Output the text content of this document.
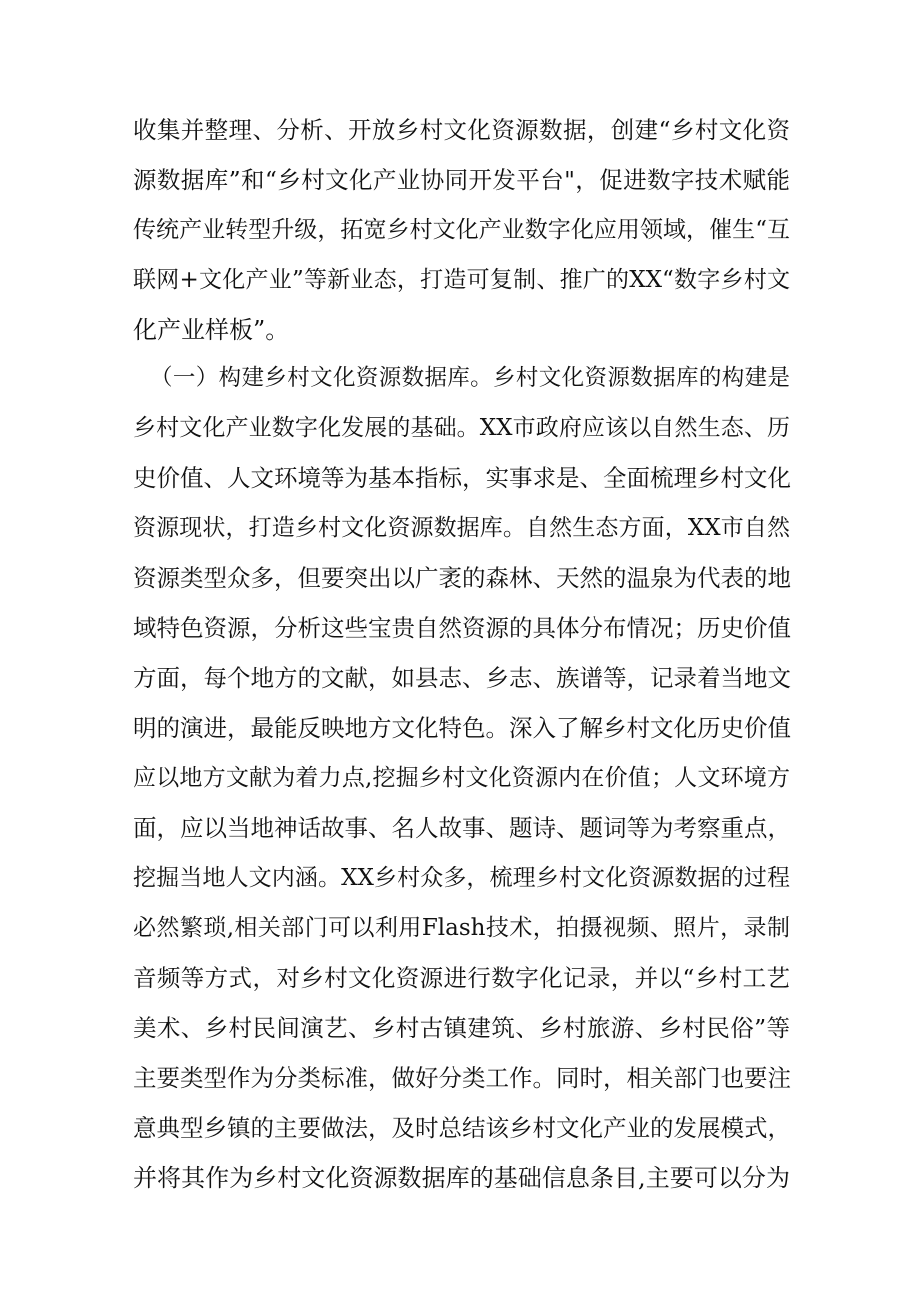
收集并整理、分析、开放乡村文化资源数据，创建“乡村文化资
源数据库”和“乡村文化产业协同开发平台"，促进数字技术赋能
传统产业转型升级，拓宽乡村文化产业数字化应用领域，催生“互
联网+文化产业”等新业态，打造可复制、推广的XX“数字乡村文
化产业样板”。
（一）构建乡村文化资源数据库。乡村文化资源数据库的构建是
乡村文化产业数字化发展的基础。XX市政府应该以自然生态、历
史价值、人文环境等为基本指标，实事求是、全面梳理乡村文化
资源现状，打造乡村文化资源数据库。自然生态方面，XX市自然
资源类型众多，但要突出以广袤的森林、天然的温泉为代表的地
域特色资源，分析这些宝贵自然资源的具体分布情况；历史价值
方面，每个地方的文献，如县志、乡志、族谱等，记录着当地文
明的演进，最能反映地方文化特色。深入了解乡村文化历史价值
应以地方文献为着力点,挖掘乡村文化资源内在价值；人文环境方
面，应以当地神话故事、名人故事、题诗、题词等为考察重点，
挖掘当地人文内涵。XX乡村众多，梳理乡村文化资源数据的过程
必然繁琐,相关部门可以利用Flash技术，拍摄视频、照片，录制
音频等方式，对乡村文化资源进行数字化记录，并以“乡村工艺
美术、乡村民间演艺、乡村古镇建筑、乡村旅游、乡村民俗”等
主要类型作为分类标准，做好分类工作。同时，相关部门也要注
意典型乡镇的主要做法，及时总结该乡村文化产业的发展模式，
并将其作为乡村文化资源数据库的基础信息条目,主要可以分为
